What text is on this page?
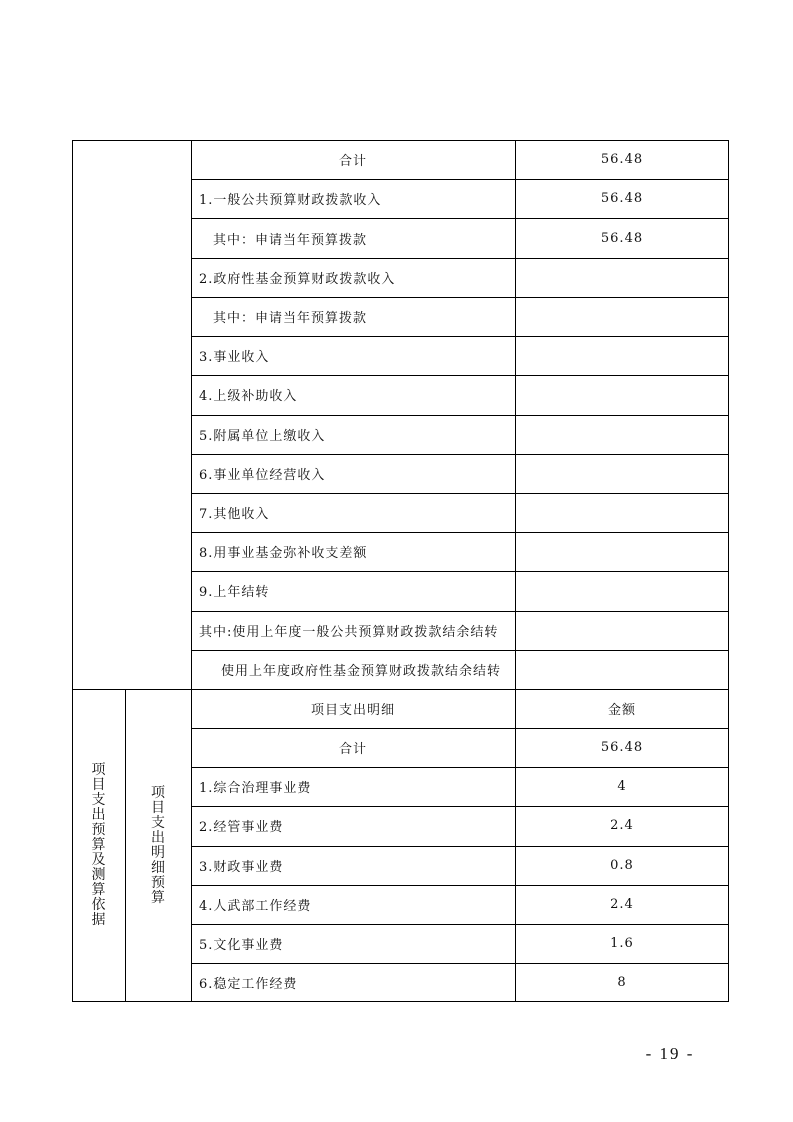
合计	56.48
1.一般公共预算财政拨款收入	56.48
其中：申请当年预算拨款	56.48
2.政府性基金预算财政拨款收入
其中：申请当年预算拨款
3.事业收入
4.上级补助收入
5.附属单位上缴收入
6.事业单位经营收入
7.其他收入
8.用事业基金弥补收支差额
9.上年结转
其中:使用上年度一般公共预算财政拨款结余结转
使用上年度政府性基金预算财政拨款结余结转
项目支出明细	金额
合计	56.48
1.综合治理事业费	4
2.经管事业费	2.4
3.财政事业费	0.8
4.人武部工作经费	2.4
5.文化事业费	1.6
6.稳定工作经费	8
项目支出预算及测算依据
项目支出明细预算
- 19 -
